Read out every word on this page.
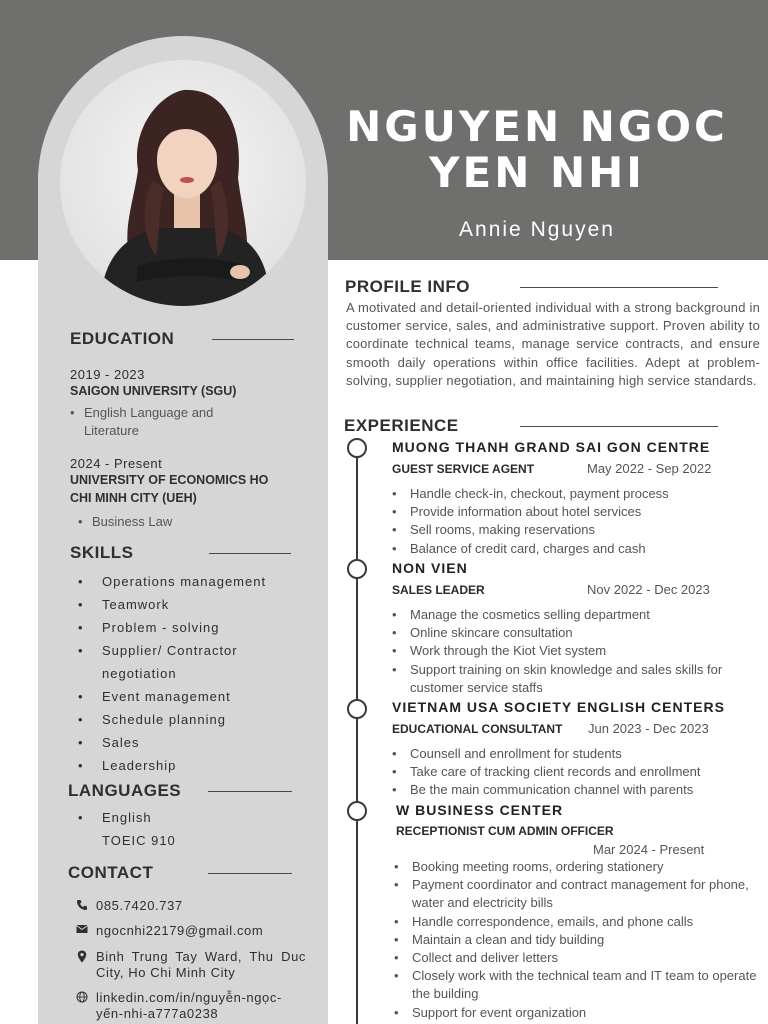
NGUYEN NGOC
YEN NHI
Annie Nguyen
EDUCATION
2019 - 2023
SAIGON UNIVERSITY (SGU)
• English Language and Literature
2024 - Present
UNIVERSITY OF ECONOMICS HO CHI MINH CITY (UEH)
• Business Law
SKILLS
• Operations management
• Teamwork
• Problem - solving
• Supplier/ Contractor negotiation
• Event management
• Schedule planning
• Sales
• Leadership
LANGUAGES
• English
TOEIC 910
CONTACT
085.7420.737
ngocnhi22179@gmail.com
Binh Trung Tay Ward, Thu Duc City, Ho Chi Minh City
linkedin.com/in/nguyễn-ngọc-yến-nhi-a777a0238
PROFILE INFO
A motivated and detail-oriented individual with a strong background in customer service, sales, and administrative support. Proven ability to coordinate technical teams, manage service contracts, and ensure smooth daily operations within office facilities. Adept at problem-solving, supplier negotiation, and maintaining high service standards.
EXPERIENCE
MUONG THANH GRAND SAI GON CENTRE
GUEST SERVICE AGENT	May 2022 - Sep 2022
• Handle check-in, checkout, payment process
• Provide information about hotel services
• Sell rooms, making reservations
• Balance of credit card, charges and cash
NON VIEN
SALES LEADER	Nov 2022 - Dec 2023
• Manage the cosmetics selling department
• Online skincare consultation
• Work through the Kiot Viet system
• Support training on skin knowledge and sales skills for customer service staffs
VIETNAM USA SOCIETY ENGLISH CENTERS
EDUCATIONAL CONSULTANT Jun 2023 - Dec 2023
• Counsell and enrollment for students
• Take care of tracking client records and enrollment
• Be the main communication channel with parents
W BUSINESS CENTER
RECEPTIONIST CUM ADMIN OFFICER
Mar 2024 - Present
• Booking meeting rooms, ordering stationery
• Payment coordinator and contract management for phone, water and electricity bills
• Handle correspondence, emails, and phone calls
• Maintain a clean and tidy building
• Collect and deliver letters
• Closely work with the technical team and IT team to operate the building
• Support for event organization
